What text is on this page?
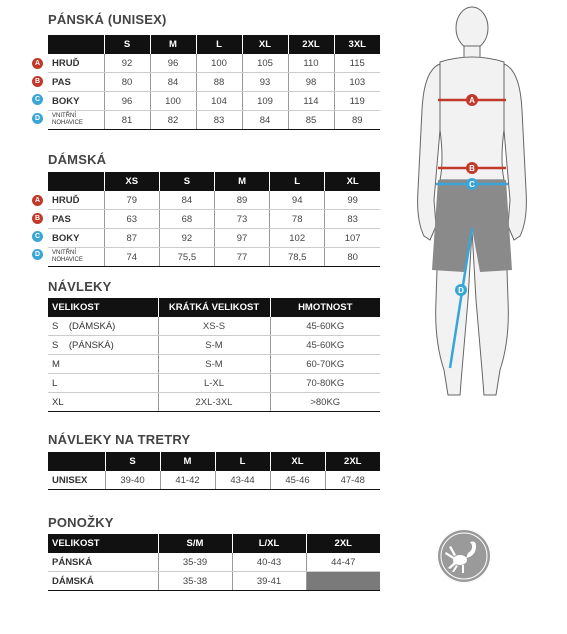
PÁNSKÁ (UNISEX)
	S	M	L	XL	2XL	3XL
HRUĎ	92	96	100	105	110	115
PAS	80	84	88	93	98	103
BOKY	96	100	104	109	114	119

VNITŘNÍ
NOHAVICE	81	82	83	84	85	89
A
B
C
D
DÁMSKÁ
	XS	S	M	L	XL
HRUĎ	79	84	89	94	99
PAS	63	68	73	78	83
BOKY	87	92	97	102	107

VNITŘNÍ
NOHAVICE	74	75,5	77	78,5	80
A
B
C
D
NÁVLEKY
VELIKOST	KRÁTKÁ VELIKOST	HMOTNOST
S    (DÁMSKÁ)	XS-S	45-60KG
S    (PÁNSKÁ)	S-M	45-60KG
M	S-M	60-70KG
L	L-XL	70-80KG
XL	2XL-3XL	>80KG
NÁVLEKY NA TRETRY
	S	M	L	XL	2XL
UNISEX	39-40	41-42	43-44	45-46	47-48
PONOŽKY
VELIKOST	S/M	L/XL	2XL
PÁNSKÁ	35-39	40-43	44-47
DÁMSKÁ	35-38	39-41	
A
B
C
D
